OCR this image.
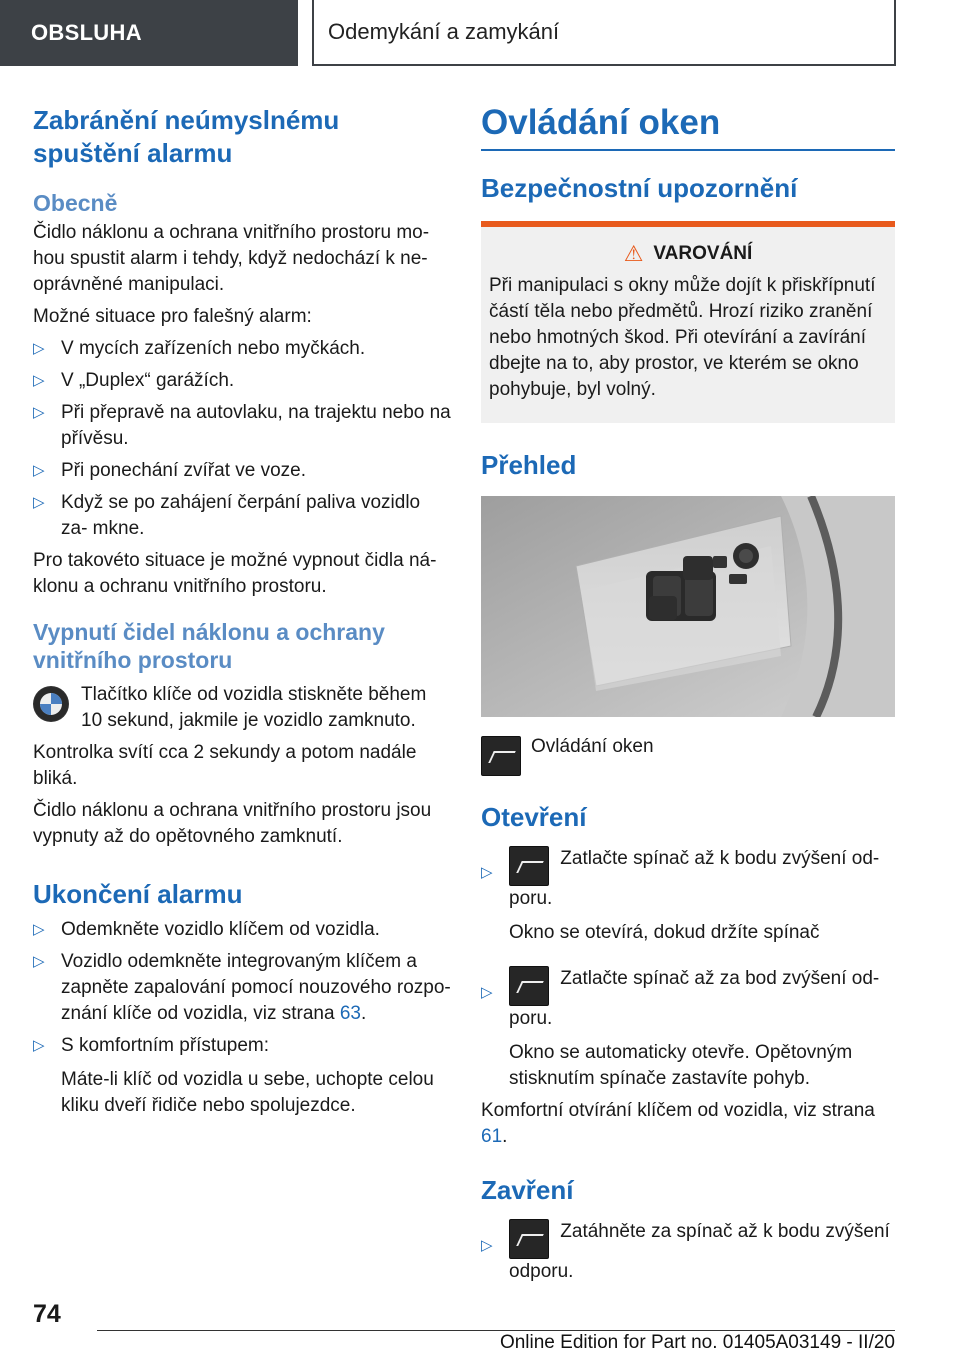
OBSLUHA	Odemykání a zamykání
Zabránění neúmyslnému spuštění alarmu
Obecně

Čidlo náklonu a ochrana vnitřního prostoru mo- hou spustit alarm i tehdy, když nedochází k ne- oprávněné manipulaci.

Možné situace pro falešný alarm:

▷ V mycích zařízeních nebo myčkách.
▷ V „Duplex“ garážích.
▷ Při přepravě na autovlaku, na trajektu nebo na přívěsu.
▷ Při ponechání zvířat ve voze.
▷ Když se po zahájení čerpání paliva vozidlo za- mkne.

Pro takovéto situace je možné vypnout čidla ná- klonu a ochranu vnitřního prostoru.

Vypnutí čidel náklonu a ochrany vnitřního prostoru
Tlačítko klíče od vozidla stiskněte během 10 sekund, jakmile je vozidlo zamknuto.

Kontrolka svítí cca 2 sekundy a potom nadále bliká.

Čidlo náklonu a ochrana vnitřního prostoru jsou vypnuty až do opětovného zamknutí.

Ukončení alarmu
▷ Odemkněte vozidlo klíčem od vozidla.
▷ Vozidlo odemkněte integrovaným klíčem a zapněte zapalování pomocí nouzového rozpo- znání klíče od vozidla, viz strana 63.
▷ S komfortním přístupem:
Máte-li klíč od vozidla u sebe, uchopte celou kliku dveří řidiče nebo spolujezdce.
Ovládání oken
Bezpečnostní upozornění
⚠ VAROVÁNÍ
Při manipulaci s okny může dojít k přiskřípnutí částí těla nebo předmětů. Hrozí riziko zranění nebo hmotných škod. Při otevírání a zavírání dbejte na to, aby prostor, ve kterém se okno pohybuje, byl volný.
Přehled
Ovládání oken
Otevření
▷
Zatlačte spínač až k bodu zvýšení od- poru.
Okno se otevírá, dokud držíte spínač
▷
Zatlačte spínač až za bod zvýšení od- poru.
Okno se automaticky otevře. Opětovným stisknutím spínače zastavíte pohyb.

Komfortní otvírání klíčem od vozidla, viz strana 61.

Zavření
▷
Zatáhněte za spínač až k bodu zvýšení odporu.
74
Online Edition for Part no. 01405A03149 - II/20
